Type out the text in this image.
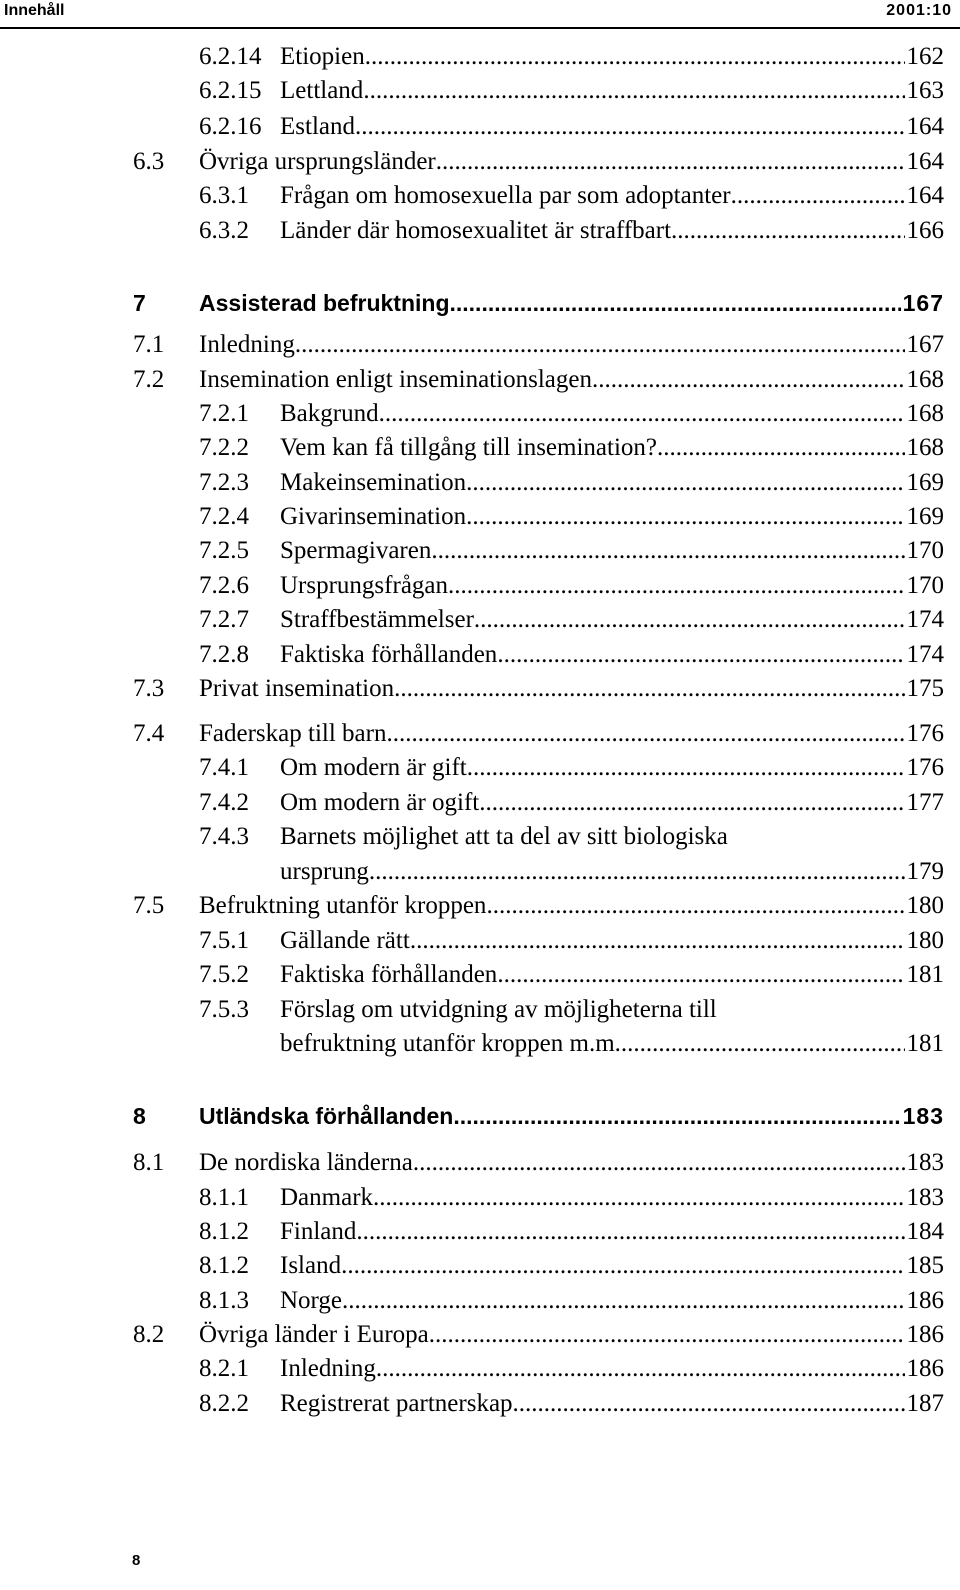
Innehåll	2001:10
6.2.14 Etiopien .....	162
6.2.15 Lettland .....	163
6.2.16 Estland .....	164
6.3 Övriga ursprungsländer .....	164
6.3.1 Frågan om homosexuella par som adoptanter .....	164
6.3.2 Länder där homosexualitet är straffbart .....	166
7 Assisterad befruktning .....	167
7.1 Inledning .....	167
7.2 Insemination enligt inseminationslagen .....	168
7.2.1 Bakgrund .....	168
7.2.2 Vem kan få tillgång till insemination? .....	168
7.2.3 Makeinsemination .....	169
7.2.4 Givarinsemination .....	169
7.2.5 Spermagivaren .....	170
7.2.6 Ursprungsfrågan .....	170
7.2.7 Straffbestämmelser .....	174
7.2.8 Faktiska förhållanden .....	174
7.3 Privat insemination .....	175
7.4 Faderskap till barn .....	176
7.4.1 Om modern är gift .....	176
7.4.2 Om modern är ogift .....	177
7.4.3 Barnets möjlighet att ta del av sitt biologiska
ursprung .....	179
7.5 Befruktning utanför kroppen .....	180
7.5.1 Gällande rätt .....	180
7.5.2 Faktiska förhållanden .....	181
7.5.3 Förslag om utvidgning av möjligheterna till
befruktning utanför kroppen m.m. .....	181
8 Utländska förhållanden .....	183
8.1 De nordiska länderna .....	183
8.1.1 Danmark .....	183
8.1.2 Finland .....	184
8.1.2 Island .....	185
8.1.3 Norge .....	186
8.2 Övriga länder i Europa .....	186
8.2.1 Inledning .....	186
8.2.2 Registrerat partnerskap .....	187
8
